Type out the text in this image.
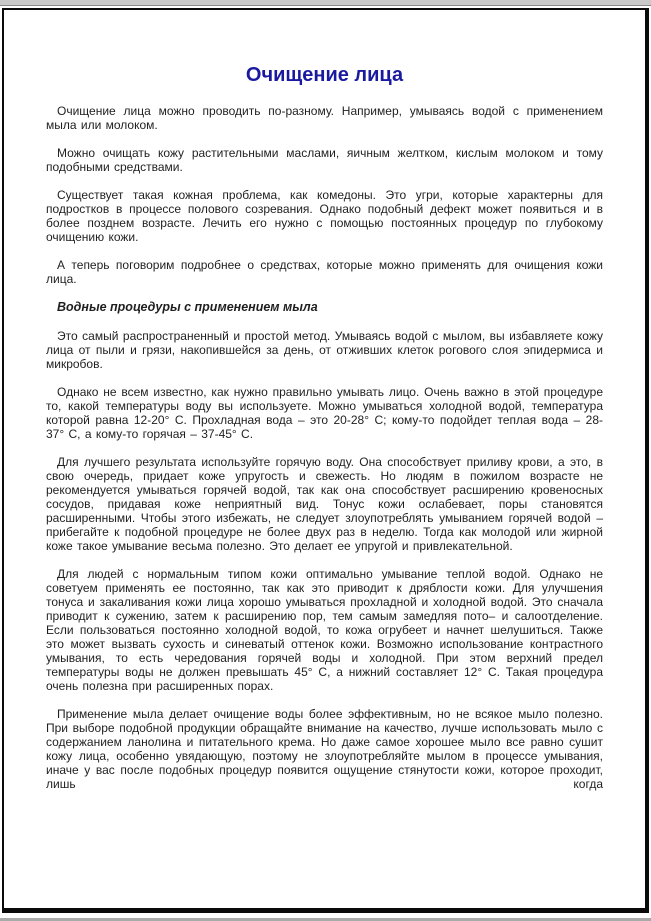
Очищение лица

Очищение лица можно проводить по-разному. Например, умываясь водой с применением мыла или молоком.

Можно очищать кожу растительными маслами, яичным желтком, кислым молоком и тому подобными средствами.

Существует такая кожная проблема, как комедоны. Это угри, которые характерны для подростков в процессе полового созревания. Однако подобный дефект может появиться и в более позднем возрасте. Лечить его нужно с помощью постоянных процедур по глубокому очищению кожи.

А теперь поговорим подробнее о средствах, которые можно применять для очищения кожи лица.

Водные процедуры с применением мыла

Это самый распространенный и простой метод. Умываясь водой с мылом, вы избавляете кожу лица от пыли и грязи, накопившейся за день, от отживших клеток рогового слоя эпидермиса и микробов.

Однако не всем известно, как нужно правильно умывать лицо. Очень важно в этой процедуре то, какой температуры воду вы используете. Можно умываться холодной водой, температура которой равна 12-20° С. Прохладная вода – это 20-28° С; кому-то подойдет теплая вода – 28-37° С, а кому-то горячая – 37-45° С.

Для лучшего результата используйте горячую воду. Она способствует приливу крови, а это, в свою очередь, придает коже упругость и свежесть. Но людям в пожилом возрасте не рекомендуется умываться горячей водой, так как она способствует расширению кровеносных сосудов, придавая коже неприятный вид. Тонус кожи ослабевает, поры становятся расширенными. Чтобы этого избежать, не следует злоупотреблять умыванием горячей водой – прибегайте к подобной процедуре не более двух раз в неделю. Тогда как молодой или жирной коже такое умывание весьма полезно. Это делает ее упругой и привлекательной.

Для людей с нормальным типом кожи оптимально умывание теплой водой. Однако не советуем применять ее постоянно, так как это приводит к дряблости кожи. Для улучшения тонуса и закаливания кожи лица хорошо умываться прохладной и холодной водой. Это сначала приводит к сужению, затем к расширению пор, тем самым замедляя пото– и салоотделение. Если пользоваться постоянно холодной водой, то кожа огрубеет и начнет шелушиться. Также это может вызвать сухость и синеватый оттенок кожи. Возможно использование контрастного умывания, то есть чередования горячей воды и холодной. При этом верхний предел температуры воды не должен превышать 45° С, а нижний составляет 12° С. Такая процедура очень полезна при расширенных порах.

Применение мыла делает очищение воды более эффективным, но не всякое мыло полезно. При выборе подобной продукции обращайте внимание на качество, лучше использовать мыло с содержанием ланолина и питательного крема. Но даже самое хорошее мыло все равно сушит кожу лица, особенно увядающую, поэтому не злоупотребляйте мылом в процессе умывания, иначе у вас после подобных процедур появится ощущение стянутости кожи, которое проходит, лишь когда
